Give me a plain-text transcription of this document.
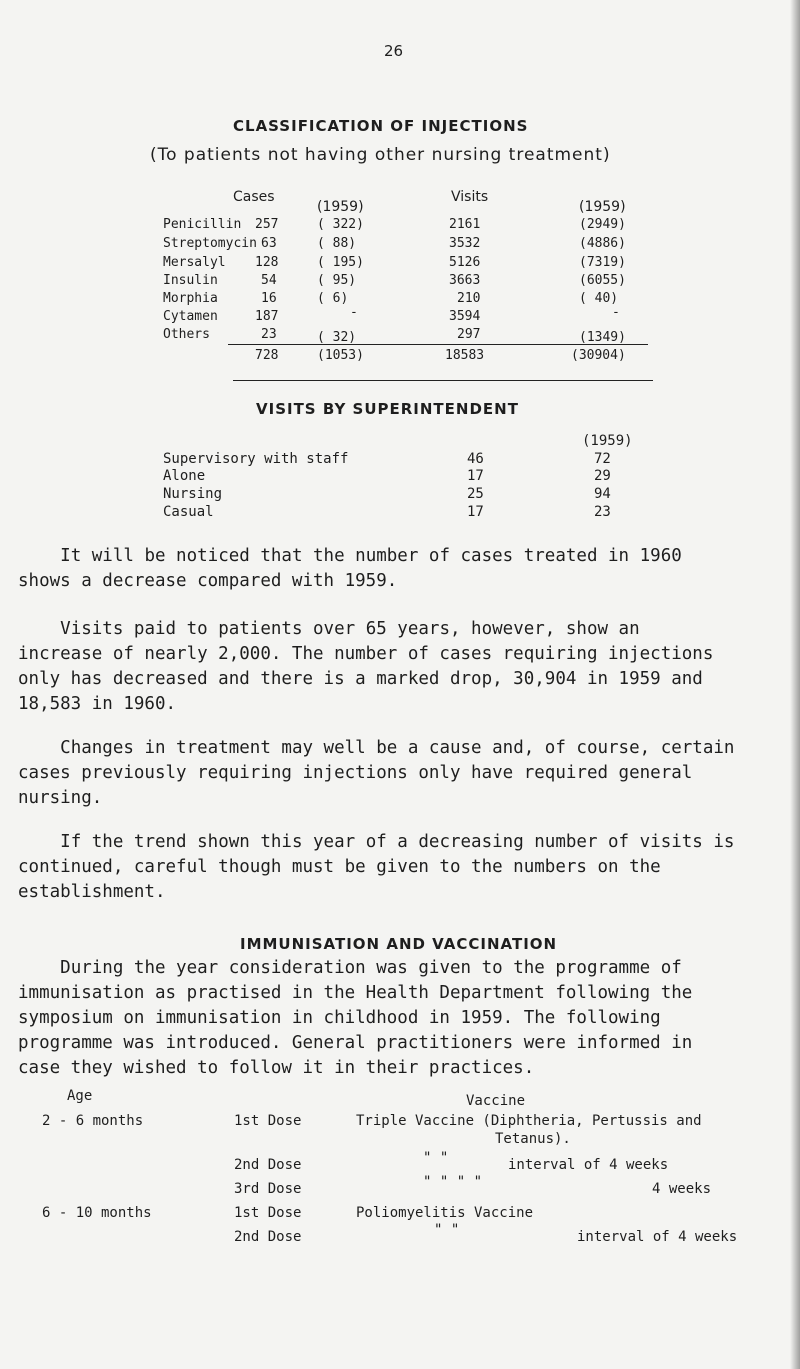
26
CLASSIFICATION OF INJECTIONS
(To patients not having other nursing treatment)
Cases
(1959)
Visits
(1959)
Penicillin 257	( 322)	2161	(2949)
Streptomycin 63	( 88)	3532	(4886)
Mersalyl 128	( 195)	5126	(7319)
Insulin	54	( 95)	3663	(6055)
Morphia	16	( 6)	210	( 40)
Cytamen	187	-	3594	-
Others	23	( 32)	297	(1349)
728	(1053)	18583	(30904)
VISITS BY SUPERINTENDENT
(1959)
Supervisory with staff	46	72
Alone	17	29
Nursing	25	94
Casual	17	23
It will be noticed that the number of cases treated in 1960
shows a decrease compared with 1959.
Visits paid to patients over 65 years, however, show an
increase of nearly 2,000. The number of cases requiring injections
only has decreased and there is a marked drop, 30,904 in 1959 and
18,583 in 1960.
Changes in treatment may well be a cause and, of course, certain
cases previously requiring injections only have required general
nursing.
If the trend shown this year of a decreasing number of visits is
continued, careful though must be given to the numbers on the
establishment.
IMMUNISATION AND VACCINATION
During the year consideration was given to the programme of
immunisation as practised in the Health Department following the
symposium on immunisation in childhood in 1959. The following
programme was introduced. General practitioners were informed in
case they wished to follow it in their practices.
Age	Vaccine
2 - 6 months	1st Dose	Triple Vaccine (Diphtheria, Pertussis and
Tetanus).
2nd Dose	" "	interval of 4 weeks
3rd Dose	" " " "	4 weeks
6 - 10 months	1st Dose	Poliomyelitis Vaccine
2nd Dose	" "	interval of 4 weeks
